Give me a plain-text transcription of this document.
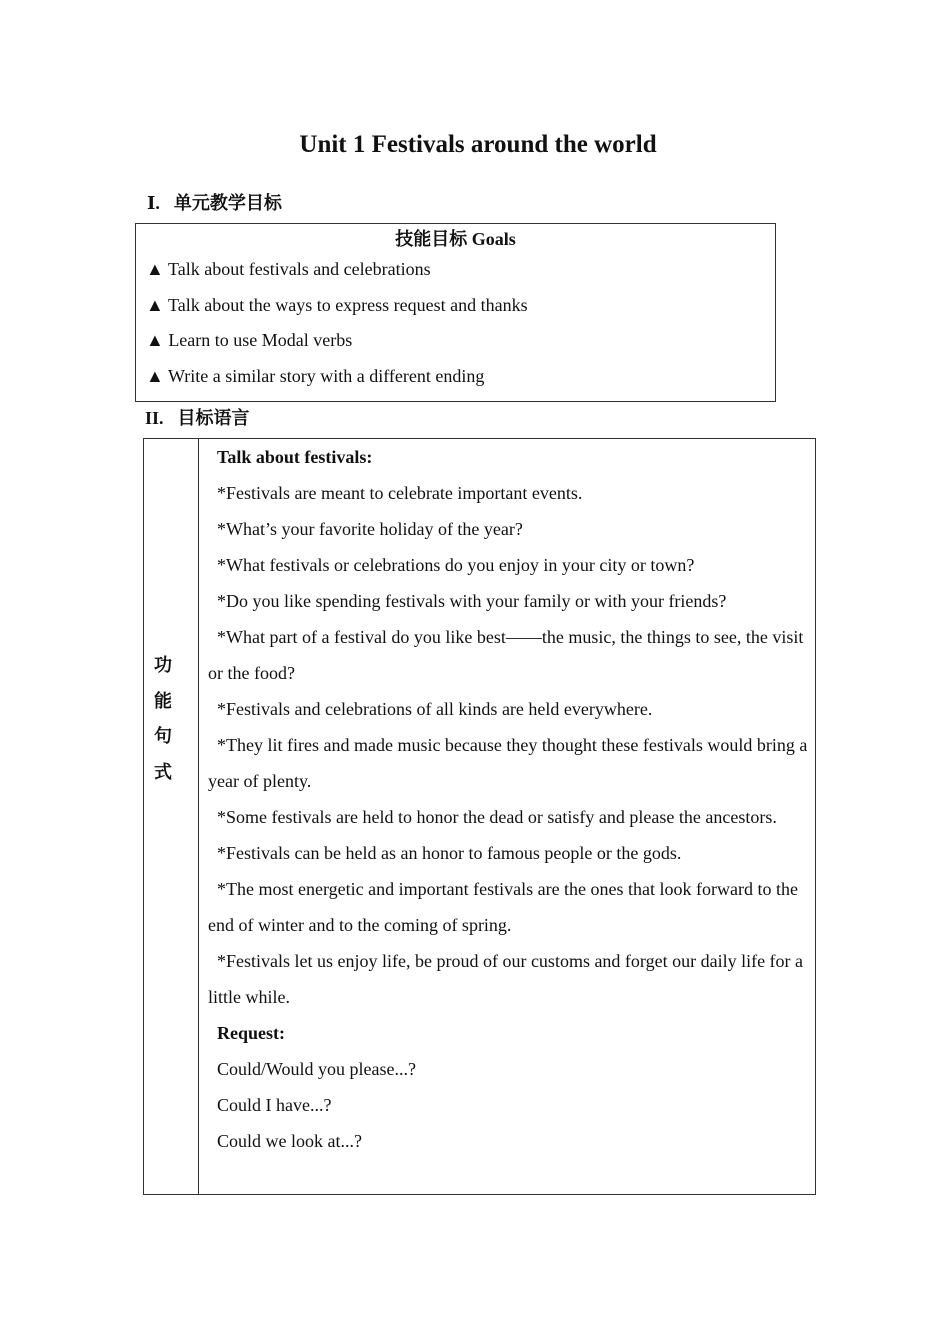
Unit 1 Festivals around the world
Ⅰ. 单元教学目标
技能目标 Goals
▲ Talk about festivals and celebrations
▲ Talk about the ways to express request and thanks
▲ Learn to use Modal verbs
▲ Write a similar story with a different ending
II. 目标语言
功
能
句
式

Talk about festivals:

*Festivals are meant to celebrate important events.

*What’s your favorite holiday of the year?

*What festivals or celebrations do you enjoy in your city or town?

*Do you like spending festivals with your family or with your friends?

*What part of a festival do you like best——the music, the things to see, the visit or the food?

*Festivals and celebrations of all kinds are held everywhere.

*They lit fires and made music because they thought these festivals would bring a year of plenty.

*Some festivals are held to honor the dead or satisfy and please the ancestors.

*Festivals can be held as an honor to famous people or the gods.

*The most energetic and important festivals are the ones that look forward to the end of winter and to the coming of spring.

*Festivals let us enjoy life, be proud of our customs and forget our daily life for a little while.

Request:

Could/Would you please...?

Could I have...?

Could we look at...?
